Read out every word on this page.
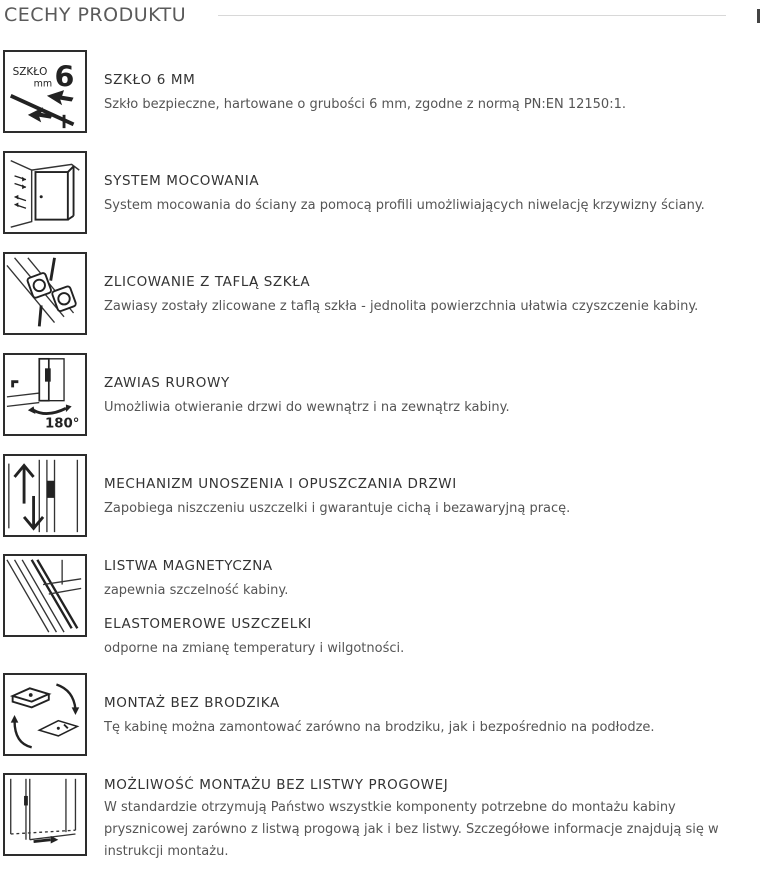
CECHY PRODUKTU
SZKŁO
mm 6 SZKŁO 6 MM

Szkło bezpieczne, hartowane o grubości 6 mm, zgodne z normą PN:EN 12150:1.

SYSTEM MOCOWANIA

System mocowania do ściany za pomocą profili umożliwiających niwelację krzywizny ściany.

ZLICOWANIE Z TAFLĄ SZKŁA

Zawiasy zostały zlicowane z taflą szkła - jednolita powierzchnia ułatwia czyszczenie kabiny.

180°

ZAWIAS RUROWY

Umożliwia otwieranie drzwi do wewnątrz i na zewnątrz kabiny.

MECHANIZM UNOSZENIA I OPUSZCZANIA DRZWI

Zapobiega niszczeniu uszczelki i gwarantuje cichą i bezawaryjną pracę.

LISTWA MAGNETYCZNA

zapewnia szczelność kabiny.

ELASTOMEROWE USZCZELKI

odporne na zmianę temperatury i wilgotności.

MONTAŻ BEZ BRODZIKA

Tę kabinę można zamontować zarówno na brodziku, jak i bezpośrednio na podłodze.

MOŻLIWOŚĆ MONTAŻU BEZ LISTWY PROGOWEJ

W standardzie otrzymują Państwo wszystkie komponenty potrzebne do montażu kabiny prysznicowej zarówno z listwą progową jak i bez listwy. Szczegółowe informacje znajdują się w instrukcji montażu.
